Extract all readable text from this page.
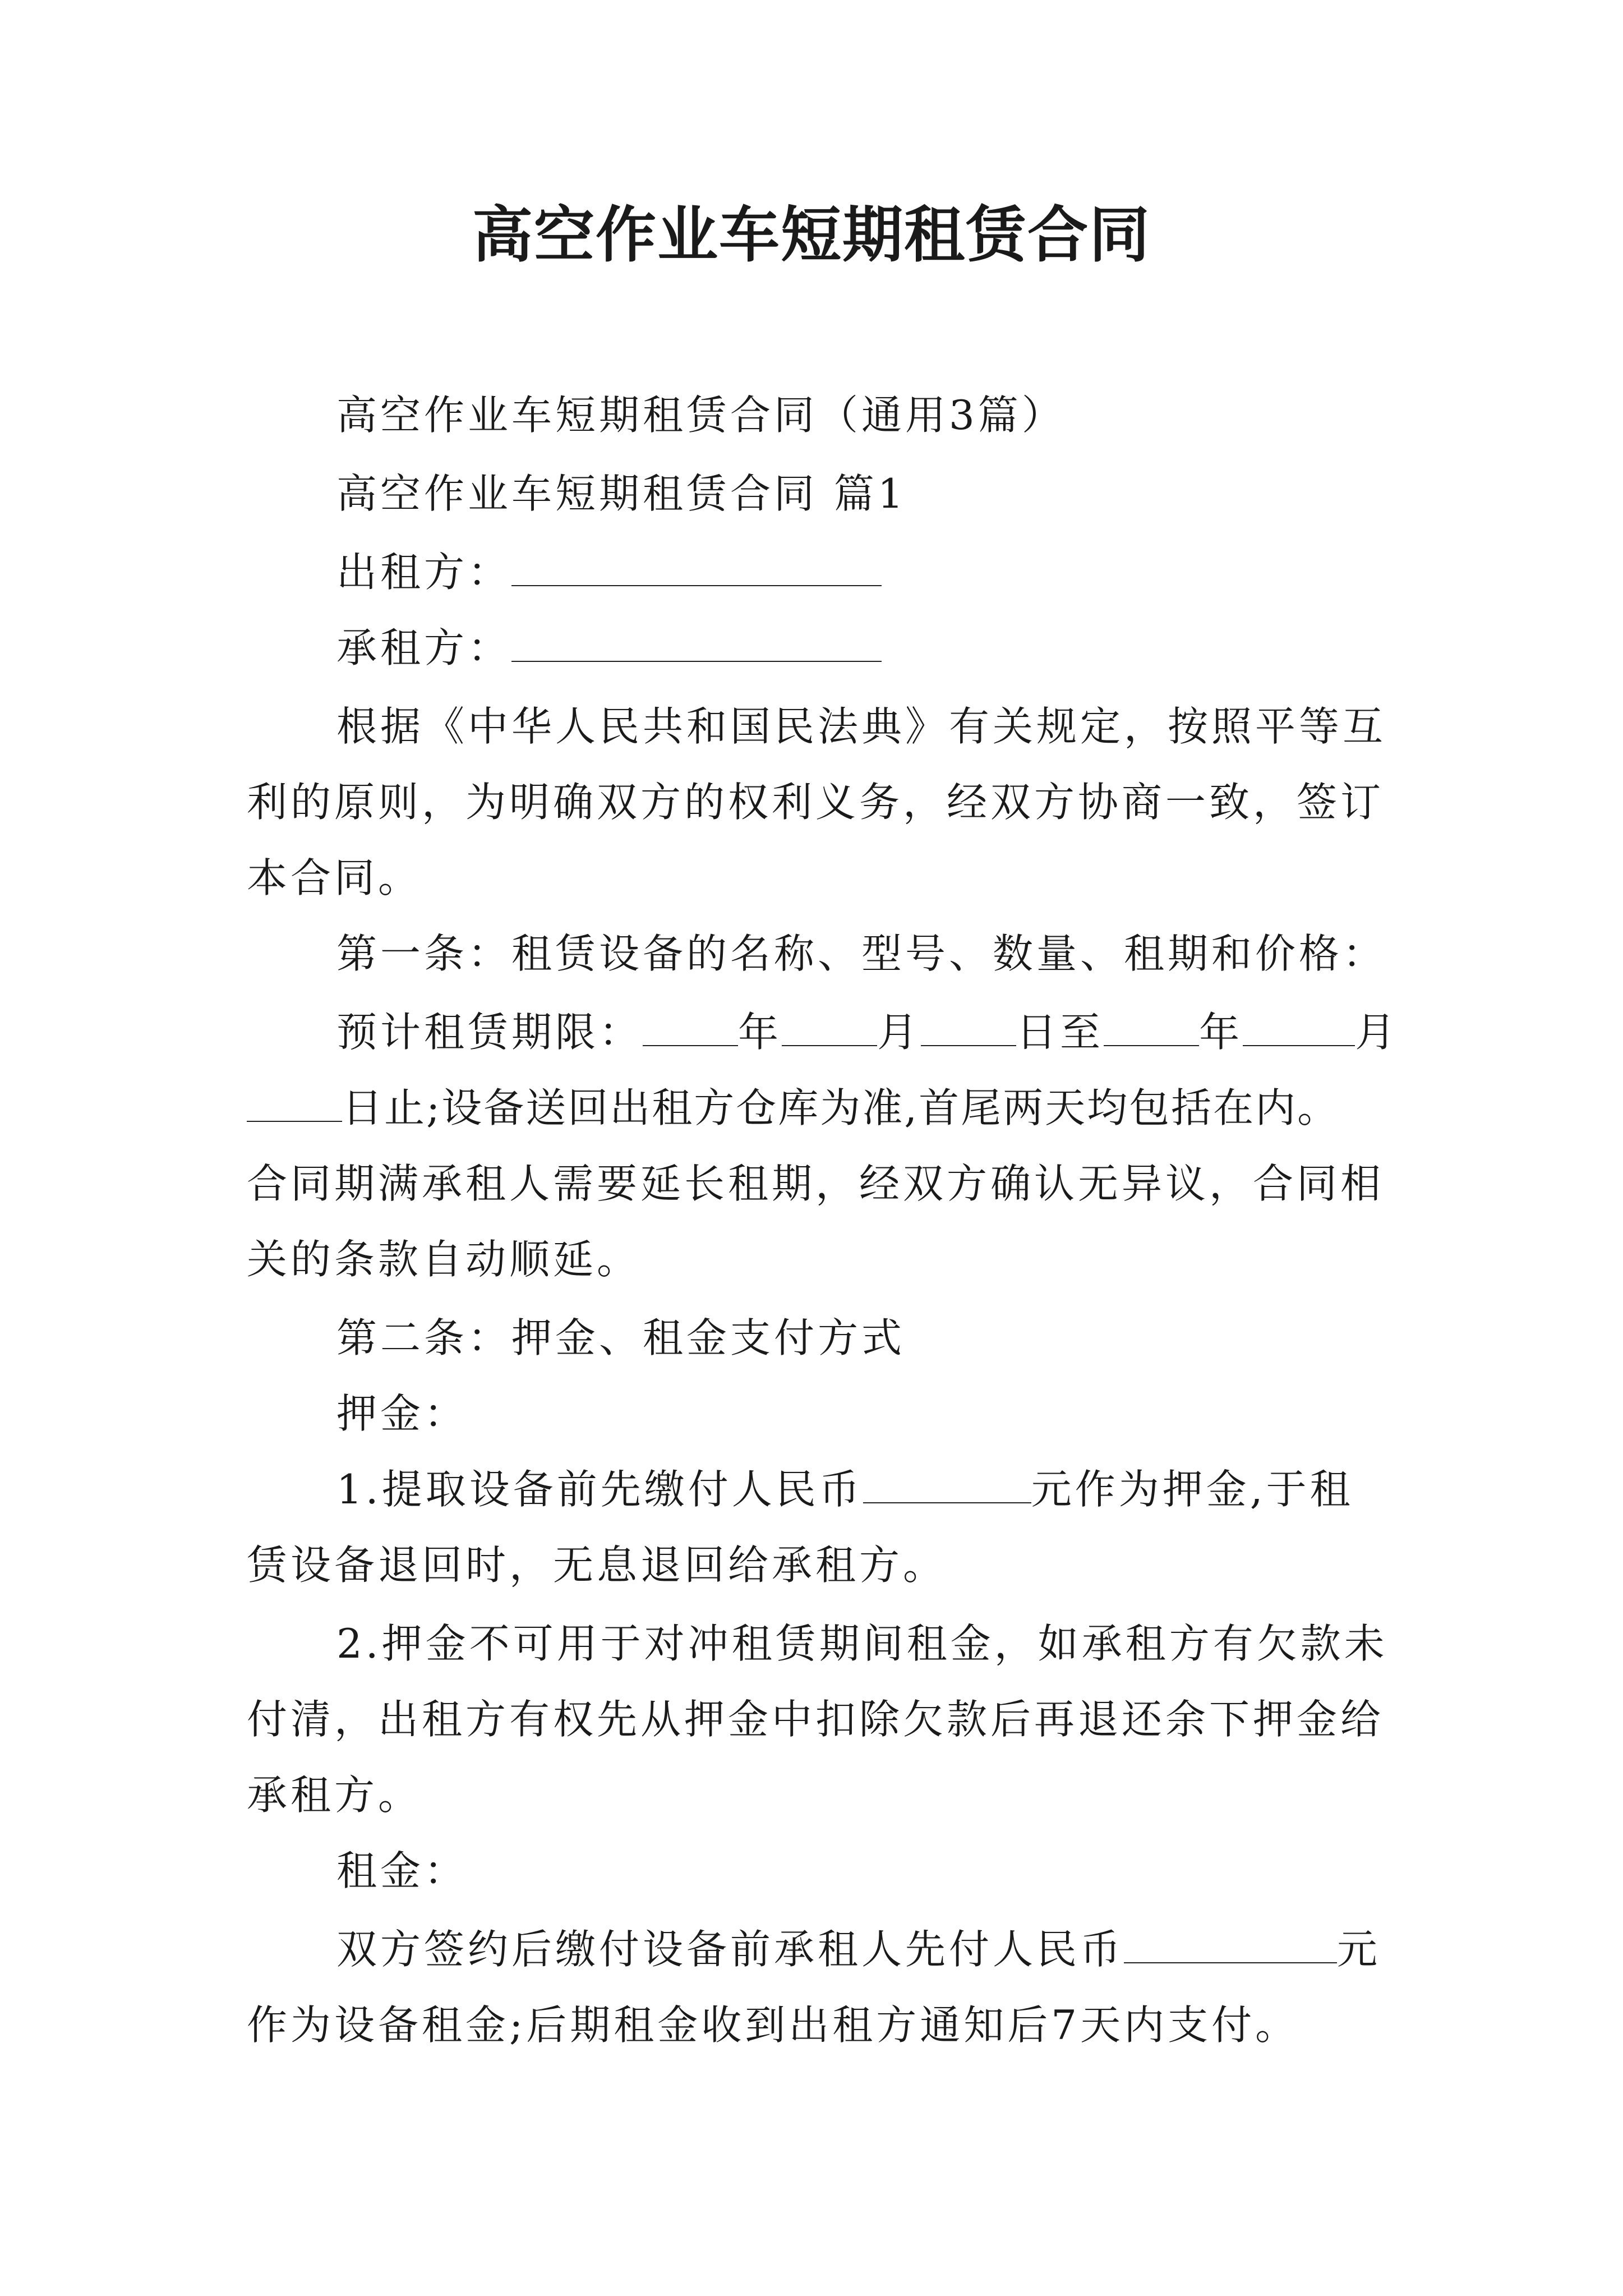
高空作业车短期租赁合同
高空作业车短期租赁合同（通用3篇）
高空作业车短期租赁合同 篇1
出租方：
承租方：
根据《中华人民共和国民法典》有关规定，按照平等互
利的原则，为明确双方的权利义务，经双方协商一致，签订
本合同。
第一条：租赁设备的名称、型号、数量、租期和价格：
预计租赁期限： 年 月 日至 年	月
日止;设备送回出租方仓库为准,首尾两天均包括在内。
合同期满承租人需要延长租期，经双方确认无异议，合同相
关的条款自动顺延。
第二条：押金、租金支付方式
押金：
1.提取设备前先缴付人民币	元作为押金,于租
赁设备退回时，无息退回给承租方。
2.押金不可用于对冲租赁期间租金，如承租方有欠款未
付清，出租方有权先从押金中扣除欠款后再退还余下押金给
承租方。
租金：
双方签约后缴付设备前承租人先付人民币	元
作为设备租金;后期租金收到出租方通知后7天内支付。
